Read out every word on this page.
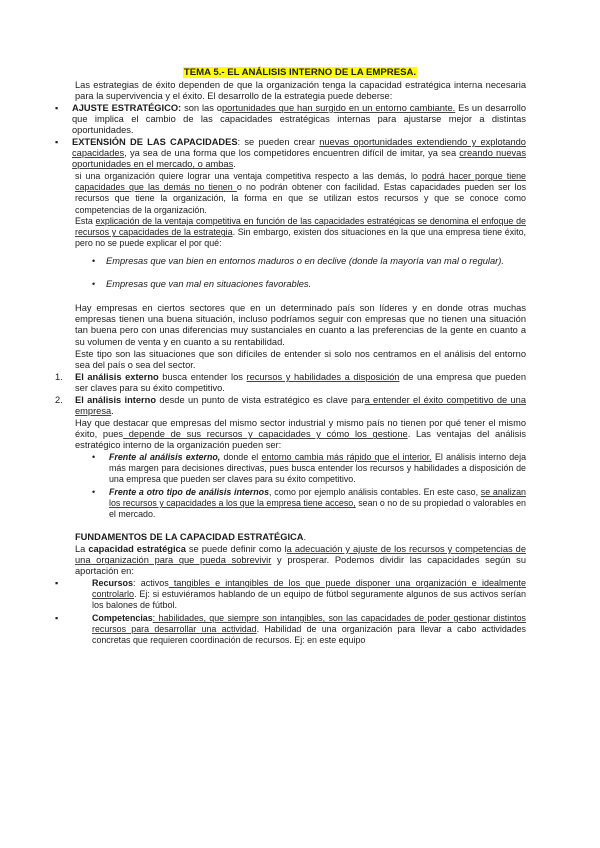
TEMA 5.- EL ANÁLISIS INTERNO DE LA EMPRESA.

Las estrategias de éxito dependen de que la organización tenga la capacidad estratégica interna necesaria para la supervivencia y el éxito. El desarrollo de la estrategia puede deberse:

▪ AJUSTE ESTRATÉGICO: son las oportunidades que han surgido en un entorno cambiante. Es un desarrollo que implica el cambio de las capacidades estratégicas internas para ajustarse mejor a distintas oportunidades.

▪ EXTENSIÓN DE LAS CAPACIDADES: se pueden crear nuevas oportunidades extendiendo y explotando capacidades, ya sea de una forma que los competidores encuentren difícil de imitar, ya sea creando nuevas oportunidades en el mercado, o ambas.

si una organización quiere lograr una ventaja competitiva respecto a las demás, lo podrá hacer porque tiene capacidades que las demás no tienen o no podrán obtener con facilidad. Estas capacidades pueden ser los recursos que tiene la organización, la forma en que se utilizan estos recursos y que se conoce como competencias de la organización.

Esta explicación de la ventaja competitiva en función de las capacidades estratégicas se denomina el enfoque de recursos y capacidades de la estrategia. Sin embargo, existen dos situaciones en la que una empresa tiene éxito, pero no se puede explicar el por qué:

• Empresas que van bien en entornos maduros o en declive (donde la mayoría van mal o regular).

• Empresas que van mal en situaciones favorables.

Hay empresas en ciertos sectores que en un determinado país son líderes y en donde otras muchas empresas tienen una buena situación, incluso podríamos seguir con empresas que no tienen una situación tan buena pero con unas diferencias muy sustanciales en cuanto a las preferencias de la gente en cuanto a su volumen de venta y en cuanto a su rentabilidad.

Este tipo son las situaciones que son difíciles de entender si solo nos centramos en el análisis del entorno sea del país o sea del sector.

1. El análisis externo busca entender los recursos y habilidades a disposición de una empresa que pueden ser claves para su éxito competitivo.

2. El análisis interno desde un punto de vista estratégico es clave para entender el éxito competitivo de una empresa.

Hay que destacar que empresas del mismo sector industrial y mismo país no tienen por qué tener el mismo éxito, pues depende de sus recursos y capacidades y cómo los gestione. Las ventajas del análisis estratégico interno de la organización pueden ser:

• Frente al análisis externo, donde el entorno cambia más rápido que el interior. El análisis interno deja más margen para decisiones directivas, pues busca entender los recursos y habilidades a disposición de una empresa que pueden ser claves para su éxito competitivo.

• Frente a otro tipo de análisis internos, como por ejemplo análisis contables. En este caso, se analizan los recursos y capacidades a los que la empresa tiene acceso, sean o no de su propiedad o valorables en el mercado.

FUNDAMENTOS DE LA CAPACIDAD ESTRATÉGICA.

La capacidad estratégica se puede definir como la adecuación y ajuste de los recursos y competencias de una organización para que pueda sobrevivir y prosperar. Podemos dividir las capacidades según su aportación en:

▪	Recursos: activos tangibles e intangibles de los que puede disponer una organización e idealmente controlarlo. Ej: si estuviéramos hablando de un equipo de fútbol seguramente algunos de sus activos serían los balones de fútbol.

▪	Competencias: habilidades, que siempre son intangibles, son las capacidades de poder gestionar distintos recursos para desarrollar una actividad. Habilidad de una organización para llevar a cabo actividades concretas que requieren coordinación de recursos. Ej: en este equipo
